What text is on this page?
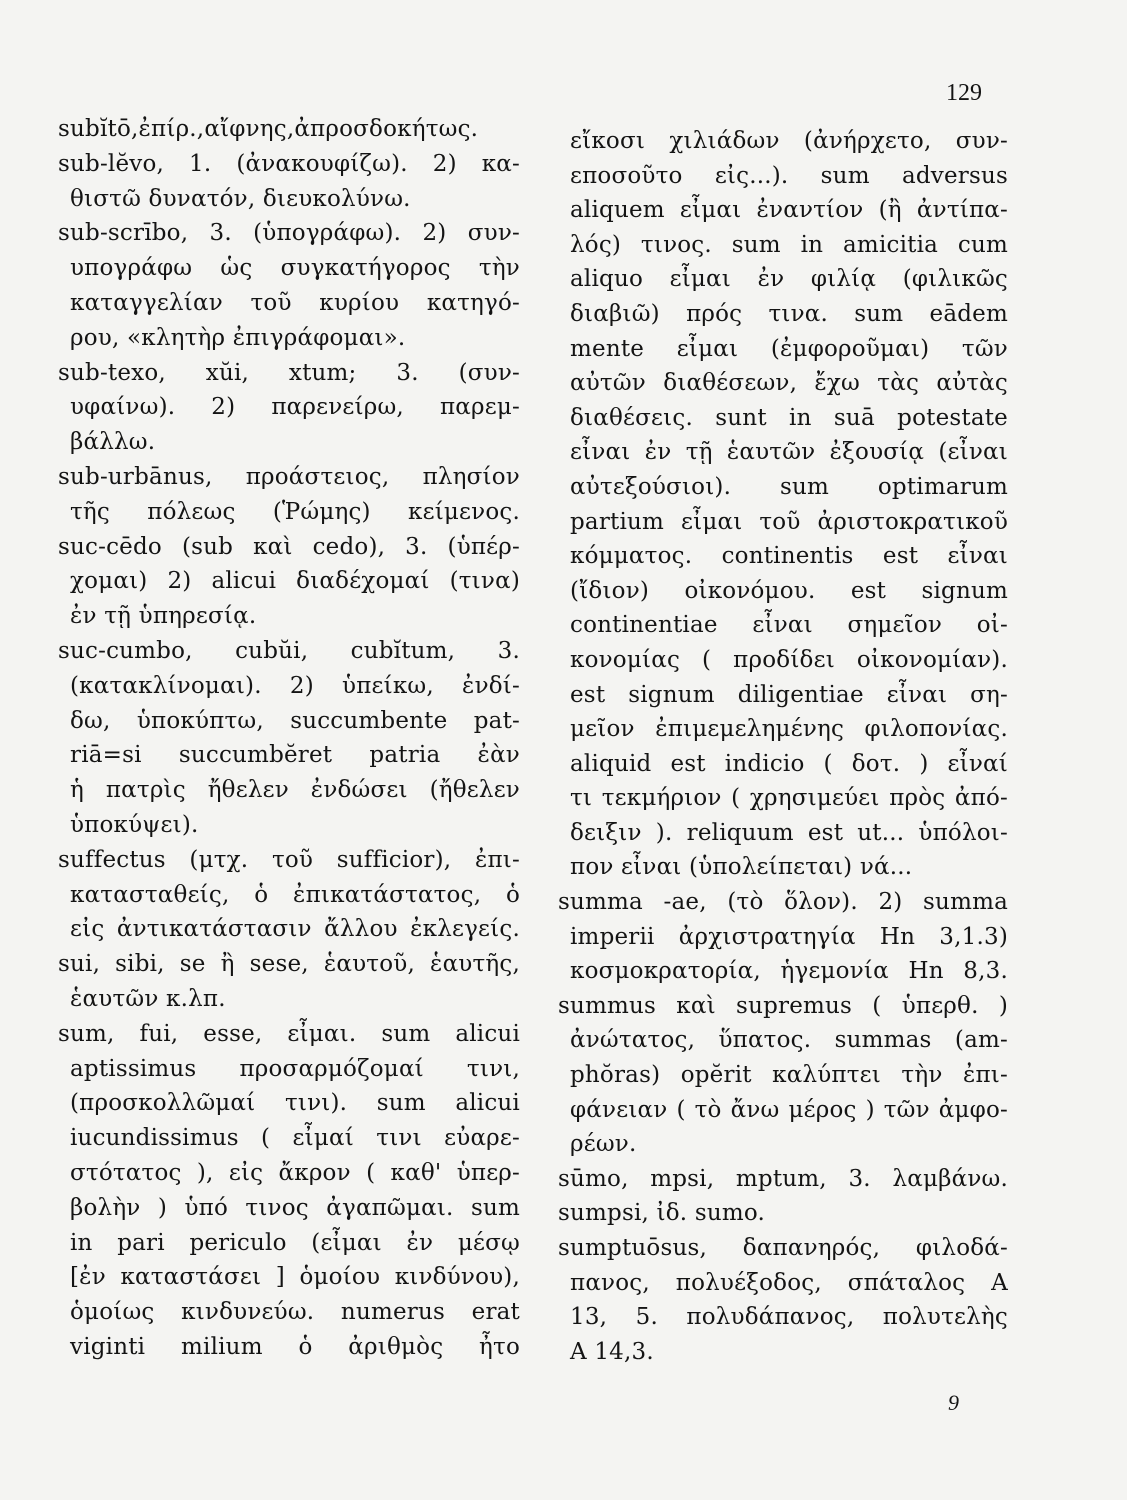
129
subĭtō,ἐπίρ.,αἴφνης,ἀπροσδοκήτως.
sub-lĕvo, 1. (ἀνακουφίζω). 2) κα-
θιστῶ δυνατόν, διευκολύνω.
sub-scrībo, 3. (ὑπογράφω). 2) συν-
υπογράφω ὡς συγκατήγορος τὴν
καταγγελίαν τοῦ κυρίου κατηγό-
ρου, «κλητὴρ ἐπιγράφομαι».
sub-texo, xŭi, xtum; 3. (συν-
υφαίνω). 2) παρενείρω, παρεμ-
βάλλω.
sub-urbānus, προάστειος, πλησίον
τῆς πόλεως (Ῥώμης) κείμενος.
suc-cēdo (sub καὶ cedo), 3. (ὑπέρ-
χομαι) 2) alicui διαδέχομαί (τινα)
ἐν τῇ ὑπηρεσίᾳ.
suc-cumbo, cubŭi, cubĭtum, 3.
(κατακλίνομαι). 2) ὑπείκω, ἐνδί-
δω, ὑποκύπτω, succumbente pat-
riā=si succumbĕret patria ἐὰν
ἡ πατρὶς ἤθελεν ἐνδώσει (ἤθελεν
ὑποκύψει).
suffectus (μτχ. τοῦ sufficior), ἐπι-
κατασταθείς, ὁ ἐπικατάστατος, ὁ
εἰς ἀντικατάστασιν ἄλλου ἐκλεγείς.
sui, sibi, se ἢ sese, ἑαυτοῦ, ἑαυτῆς,
ἑαυτῶν κ.λπ.
sum, fui, esse, εἶμαι. sum alicui
aptissimus προσαρμόζομαί τινι,
(προσκολλῶμαί τινι). sum alicui
iucundissimus ( εἶμαί τινι εὐαρε-
στότατος ), εἰς ἄκρον ( καθ' ὑπερ-
βολὴν ) ὑπό τινος ἀγαπῶμαι. sum
in pari periculo (εἶμαι ἐν μέσῳ
[ἐν καταστάσει ] ὁμοίου κινδύνου),
ὁμοίως κινδυνεύω. numerus erat
viginti milium ὁ ἀριθμὸς ἦτο
εἴκοσι χιλιάδων (ἀνήρχετο, συν-
εποσοῦτο εἰς...). sum adversus
aliquem εἶμαι ἐναντίον (ἢ ἀντίπα-
λός) τινος. sum in amicitia cum
aliquo εἶμαι ἐν φιλίᾳ (φιλικῶς
διαβιῶ) πρός τινα. sum eādem
mente εἶμαι (ἐμφοροῦμαι) τῶν
αὐτῶν διαθέσεων, ἔχω τὰς αὐτὰς
διαθέσεις. sunt in suā potestate
εἶναι ἐν τῇ ἑαυτῶν ἐξουσίᾳ (εἶναι
αὐτεξούσιοι). sum optimarum
partium εἶμαι τοῦ ἀριστοκρατικοῦ
κόμματος. continentis est εἶναι
(ἴδιον) οἰκονόμου. est signum
continentiae εἶναι σημεῖον οἰ-
κονομίας ( προδίδει οἰκονομίαν).
est signum diligentiae εἶναι ση-
μεῖον ἐπιμεμελημένης φιλοπονίας.
aliquid est indicio ( δοτ. ) εἶναί
τι τεκμήριον ( χρησιμεύει πρὸς ἀπό-
δειξιν ). reliquum est ut... ὑπόλοι-
πον εἶναι (ὑπολείπεται) νά...
summa -ae, (τὸ ὅλον). 2) summa
imperii ἀρχιστρατηγία Hn 3,1.3)
κοσμοκρατορία, ἡγεμονία Hn 8,3.
summus καὶ supremus ( ὑπερθ. )
ἀνώτατος, ὕπατος. summas (am-
phŏras) opĕrit καλύπτει τὴν ἐπι-
φάνειαν ( τὸ ἄνω μέρος ) τῶν ἀμφο-
ρέων.
sūmo, mpsi, mptum, 3. λαμβάνω.
sumpsi, ἰδ. sumo.
sumptuōsus, δαπανηρός, φιλοδά-
πανος, πολυέξοδος, σπάταλος A
13, 5. πολυδάπανος, πολυτελὴς
A 14,3.
9
